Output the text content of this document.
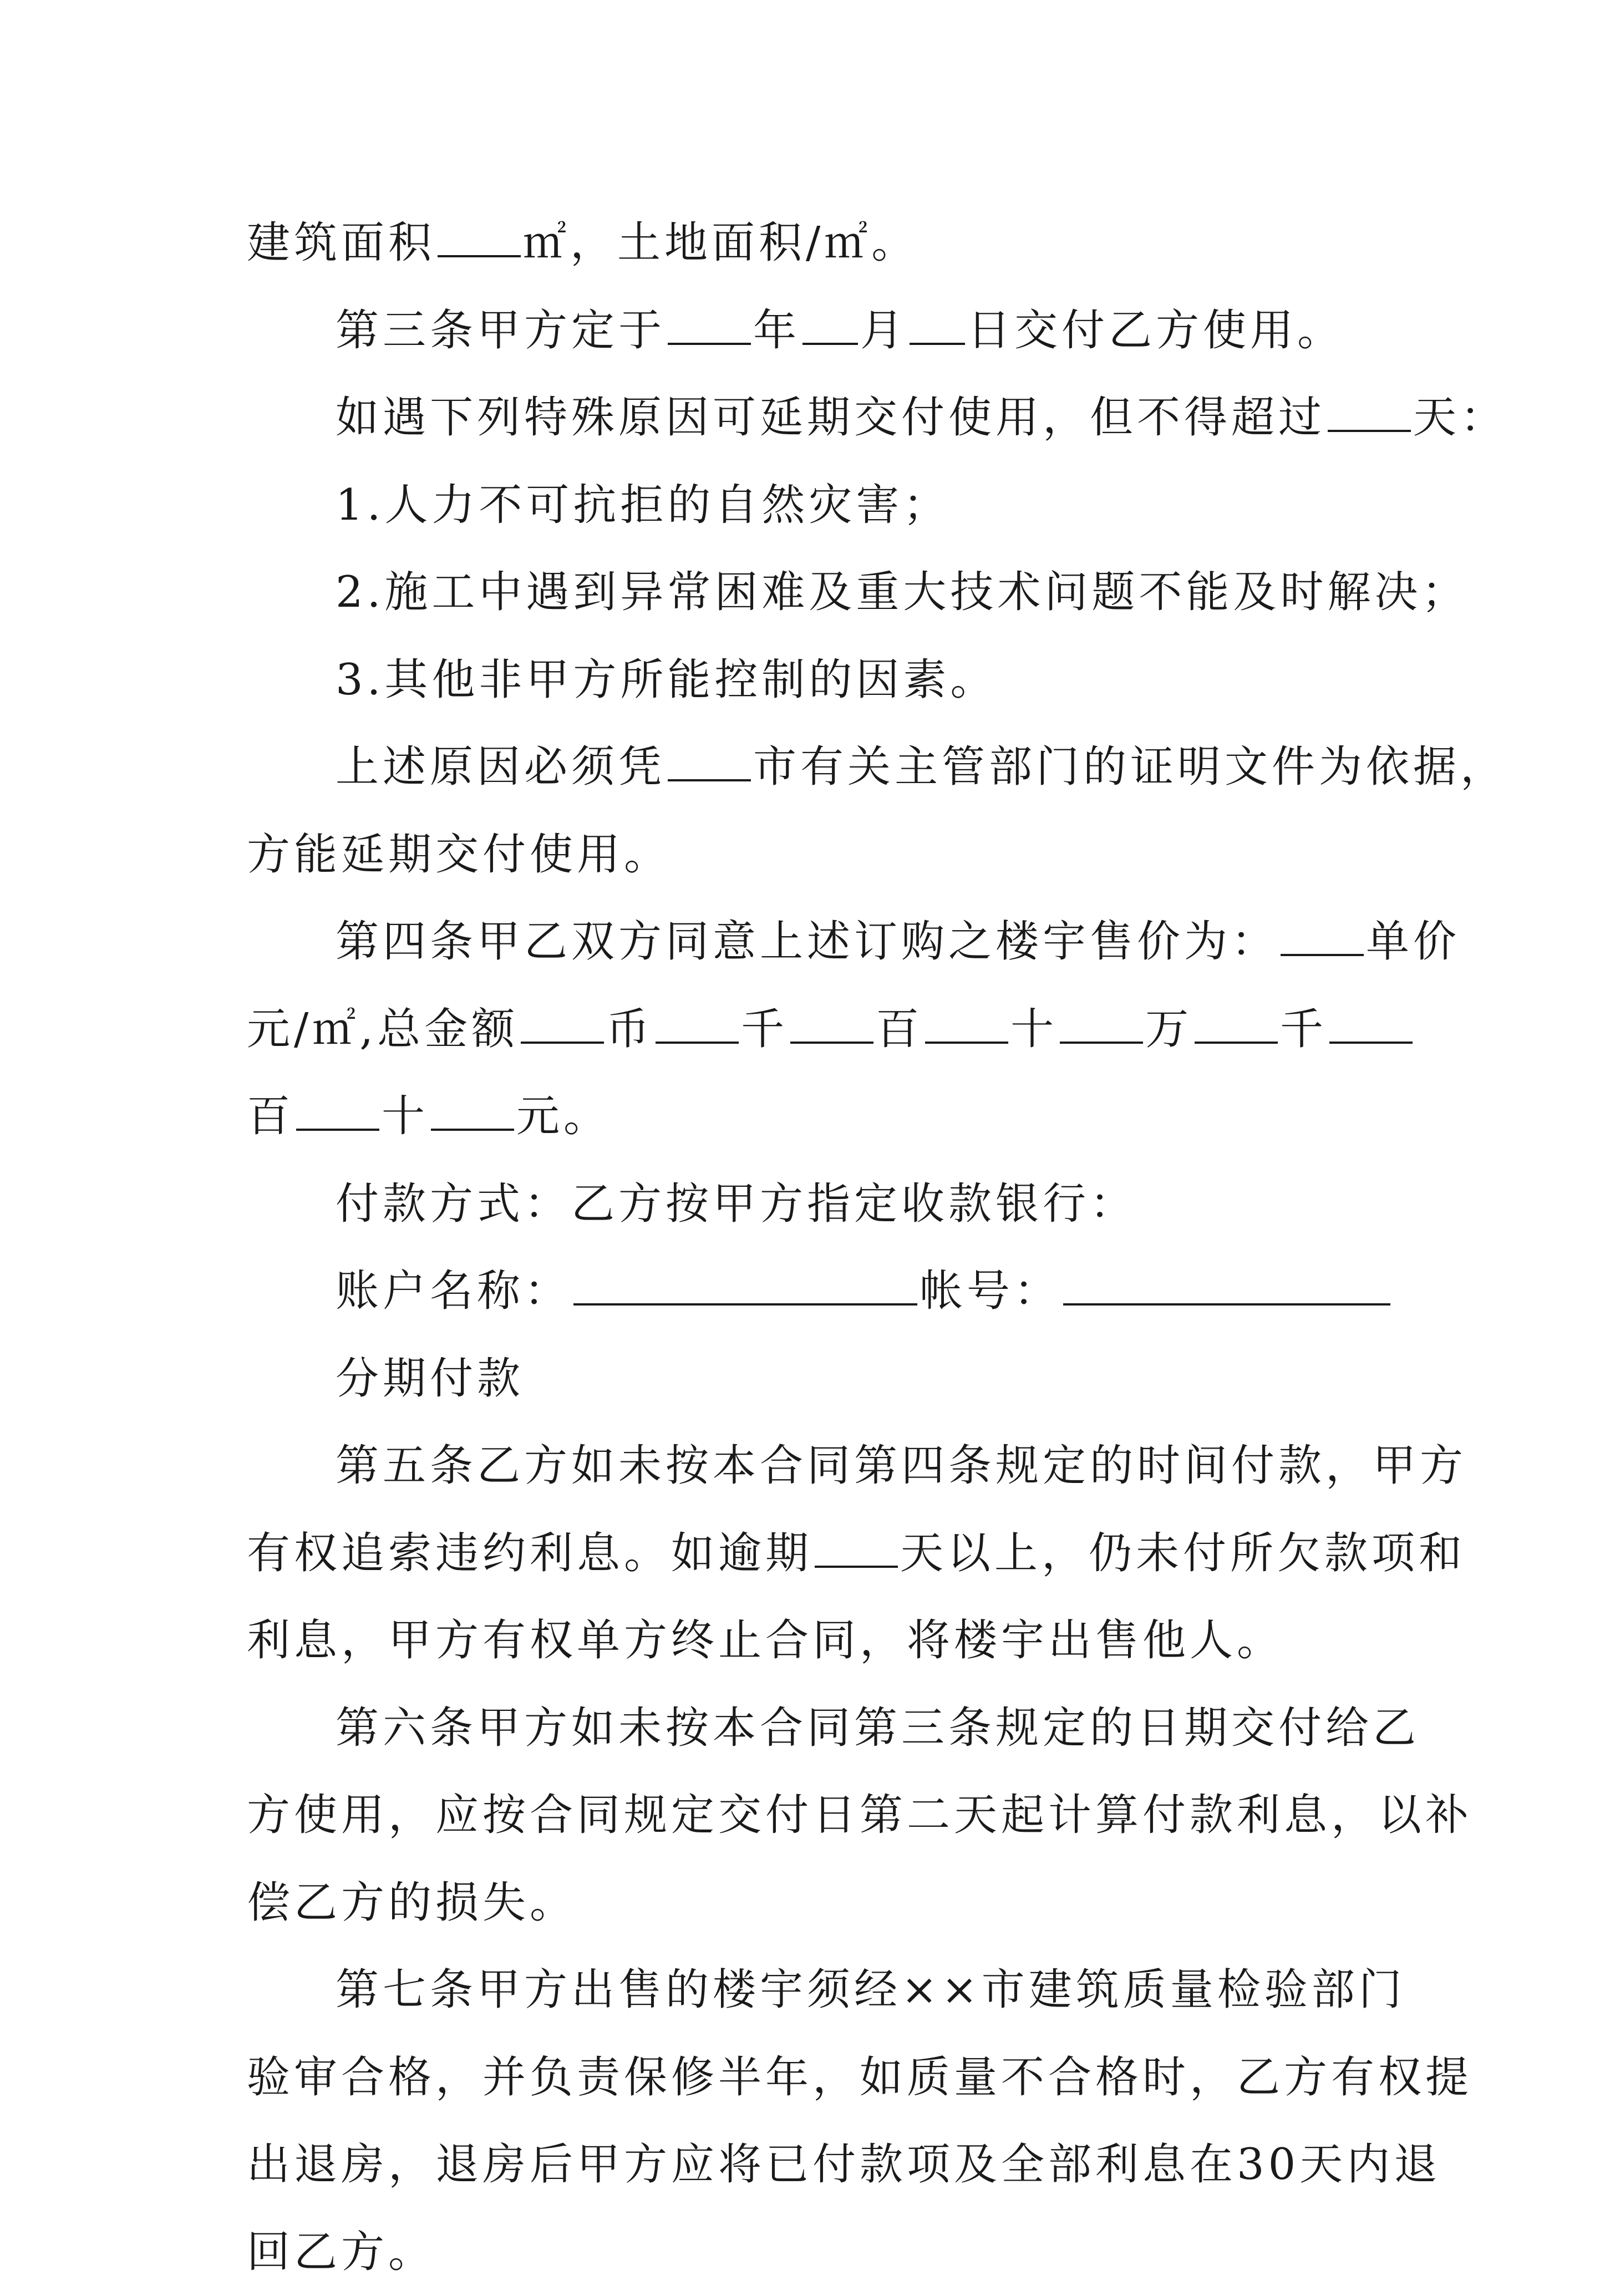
建筑面积 ㎡，土地面积/㎡。
第三条甲方定于 年 月 日交付乙方使用。
如遇下列特殊原因可延期交付使用，但不得超过 天：
1.人力不可抗拒的自然灾害；
2.施工中遇到异常困难及重大技术问题不能及时解决；
3.其他非甲方所能控制的因素。
上述原因必须凭 市有关主管部门的证明文件为依据，
方能延期交付使用。
第四条甲乙双方同意上述订购之楼宇售价为： 单价
元/㎡,总金额 币 千 百 十 万 千
百 十 元。
付款方式：乙方按甲方指定收款银行：
账户名称：	帐号：
分期付款
第五条乙方如未按本合同第四条规定的时间付款，甲方
有权追索违约利息。如逾期 天以上，仍未付所欠款项和
利息，甲方有权单方终止合同，将楼宇出售他人。
第六条甲方如未按本合同第三条规定的日期交付给乙
方使用，应按合同规定交付日第二天起计算付款利息，以补
偿乙方的损失。
第七条甲方出售的楼宇须经××市建筑质量检验部门
验审合格，并负责保修半年，如质量不合格时，乙方有权提
出退房，退房后甲方应将已付款项及全部利息在30天内退
回乙方。
